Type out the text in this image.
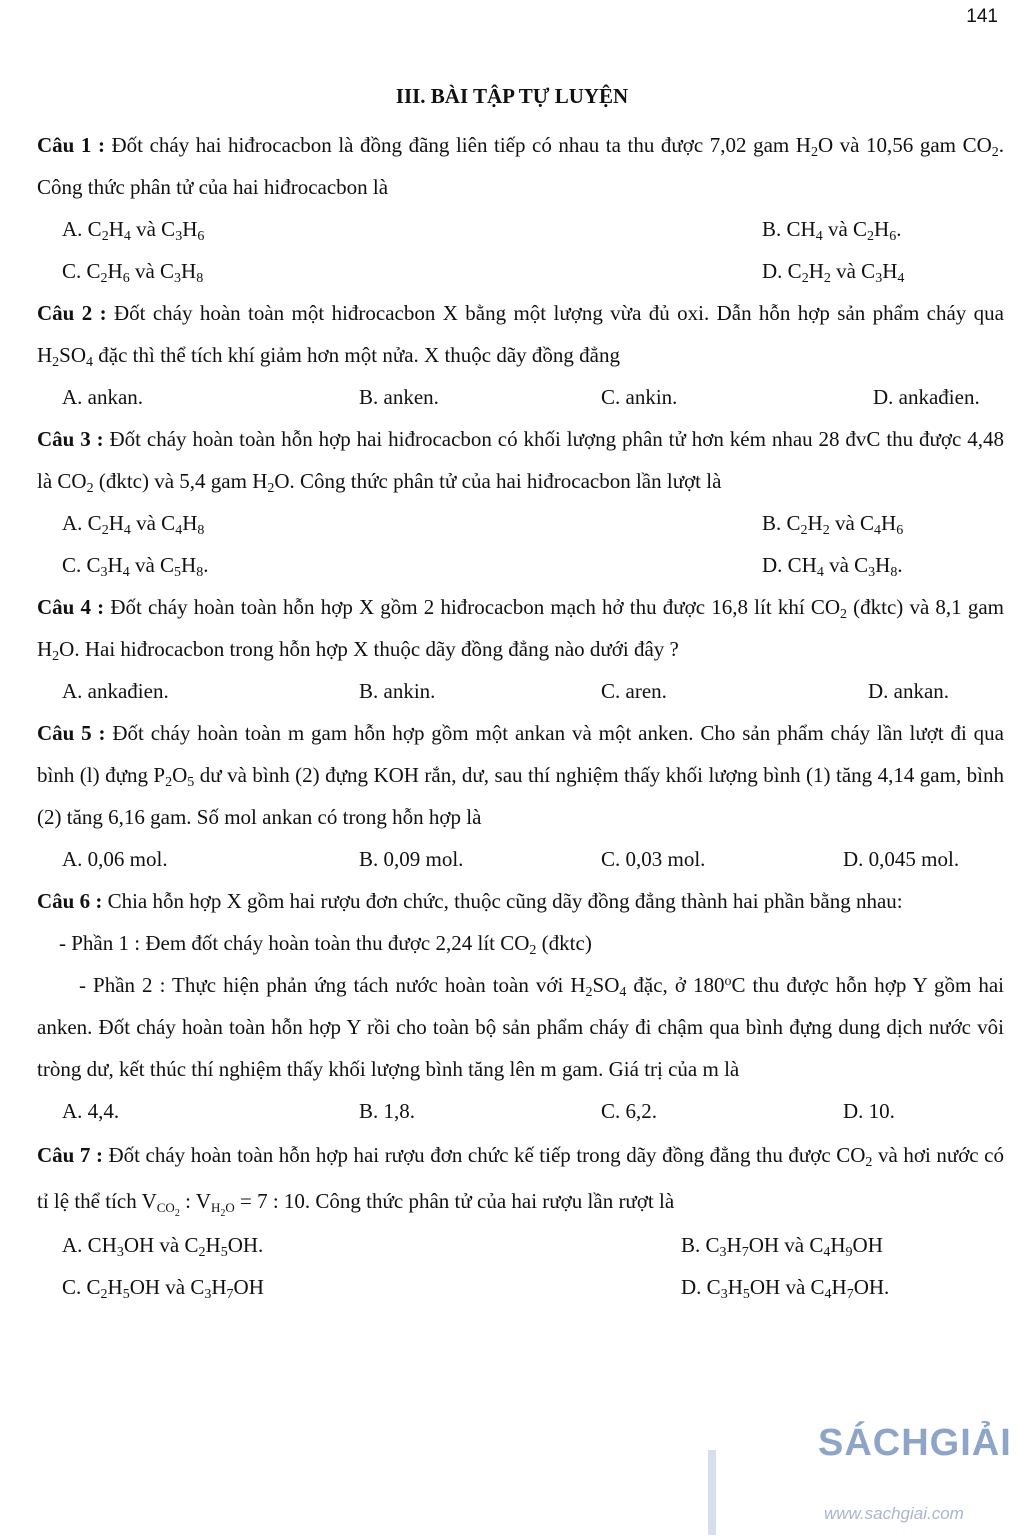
141
III. BÀI TẬP TỰ LUYỆN
Câu 1 : Đốt cháy hai hiđrocacbon là đồng đãng liên tiếp có nhau ta thu được 7,02 gam $H_2O$ và 10,56 gam $CO_2$. Công thức phân tử của hai hiđrocacbon là
A. $C_2H_4$ và $C_3H_6$	B. $CH_4$ và $C_2H_6$.
C. $C_2H_6$ và $C_3H_8$	D. $C_2H_2$ và $C_3H_4$
Câu 2 : Đốt cháy hoàn toàn một hiđrocacbon X bằng một lượng vừa đủ oxi. Dẫn hỗn hợp sản phẩm cháy qua $H_2SO_4$ đặc thì thể tích khí giảm hơn một nửa. X thuộc dãy đồng đẳng
A. ankan.	B. anken.	C. ankin.	D. ankađien.
Câu 3 : Đốt cháy hoàn toàn hỗn hợp hai hiđrocacbon có khối lượng phân tử hơn kém nhau 28 đvC thu được 4,48 là $CO_2$ (đktc) và 5,4 gam $H_2O$. Công thức phân tử của hai hiđrocacbon lần lượt là
A. $C_2H_4$ và $C_4H_8$	B. $C_2H_2$ và $C_4H_6$
C. $C_3H_4$ và $C_5H_8$.	D. $CH_4$ và $C_3H_8$.
Câu 4 : Đốt cháy hoàn toàn hỗn hợp X gồm 2 hiđrocacbon mạch hở thu được 16,8 lít khí $CO_2$ (đktc) và 8,1 gam $H_2O$. Hai hiđrocacbon trong hỗn hợp X thuộc dãy đồng đẳng nào dưới đây ?
A. ankađien.	B. ankin.	C. aren.	D. ankan.
Câu 5 : Đốt cháy hoàn toàn m gam hỗn hợp gồm một ankan và một anken. Cho sản phẩm cháy lần lượt đi qua bình (l) đựng $P_2O_5$ dư và bình (2) đựng KOH rắn, dư, sau thí nghiệm thấy khối lượng bình (1) tăng 4,14 gam, bình (2) tăng 6,16 gam. Số mol ankan có trong hỗn hợp là
A. 0,06 mol.	B. 0,09 mol.	C. 0,03 mol.	D. 0,045 mol.
Câu 6 : Chia hỗn hợp X gồm hai rượu đơn chức, thuộc cũng dãy đồng đẳng thành hai phần bằng nhau:
- Phần 1 : Đem đốt cháy hoàn toàn thu được 2,24 lít $CO_2$ (đktc)
- Phần 2 : Thực hiện phản ứng tách nước hoàn toàn với $H_2SO_4$ đặc, ở 180$^o$C thu được hỗn hợp Y gồm hai anken. Đốt cháy hoàn toàn hỗn hợp Y rồi cho toàn bộ sản phẩm cháy đi chậm qua bình đựng dung dịch nước vôi tròng dư, kết thúc thí nghiệm thấy khối lượng bình tăng lên m gam. Giá trị của m là
A. 4,4.	B. 1,8.	C. 6,2.	D. 10.
Câu 7 : Đốt cháy hoàn toàn hỗn hợp hai rượu đơn chức kế tiếp trong dãy đồng đẳng thu được $CO_2$ và hơi nước có tỉ lệ thể tích $V_{CO_2}$ : $V_{H_2O} = 7$ : 10. Công thức phân tử của hai rượu lần rượt là
A. $CH_3OH$ và $C_2H_5OH$.	B. $C_3H_7OH$ và $C_4H_9OH$
C. $C_2H_5OH$ và $C_3H_7OH$	D. $C_3H_5OH$ và $C_4H_7OH$.
SÁCHGIẢI
www.sachgiai.com
